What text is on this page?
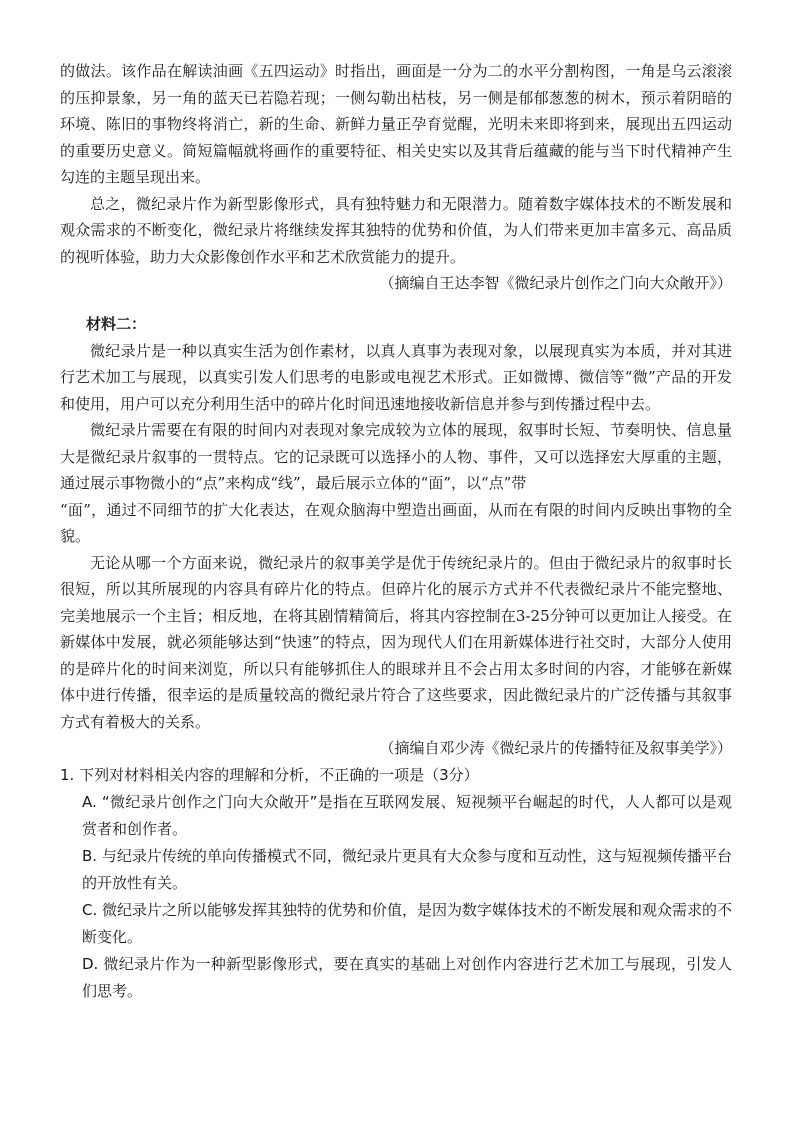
的做法。该作品在解读油画《五四运动》时指出，画面是一分为二的水平分割构图，一角是乌云滚滚的压抑景象，另一角的蓝天已若隐若现；一侧勾勒出枯枝，另一侧是郁郁葱葱的树木，预示着阴暗的环境、陈旧的事物终将消亡，新的生命、新鲜力量正孕育觉醒，光明未来即将到来，展现出五四运动的重要历史意义。简短篇幅就将画作的重要特征、相关史实以及其背后蕴藏的能与当下时代精神产生勾连的主题呈现出来。

总之，微纪录片作为新型影像形式，具有独特魅力和无限潜力。随着数字媒体技术的不断发展和观众需求的不断变化，微纪录片将继续发挥其独特的优势和价值，为人们带来更加丰富多元、高品质的视听体验，助力大众影像创作水平和艺术欣赏能力的提升。

（摘编自王达李智《微纪录片创作之门向大众敞开》）

材料二：

微纪录片是一种以真实生活为创作素材，以真人真事为表现对象，以展现真实为本质，并对其进行艺术加工与展现，以真实引发人们思考的电影或电视艺术形式。正如微博、微信等“微”产品的开发和使用，用户可以充分利用生活中的碎片化时间迅速地接收新信息并参与到传播过程中去。

微纪录片需要在有限的时间内对表现对象完成较为立体的展现，叙事时长短、节奏明快、信息量大是微纪录片叙事的一贯特点。它的记录既可以选择小的人物、事件，又可以选择宏大厚重的主题，通过展示事物微小的“点”来构成“线”，最后展示立体的“面”，以“点”带

“面”，通过不同细节的扩大化表达，在观众脑海中塑造出画面，从而在有限的时间内反映出事物的全貌。

无论从哪一个方面来说，微纪录片的叙事美学是优于传统纪录片的。但由于微纪录片的叙事时长很短，所以其所展现的内容具有碎片化的特点。但碎片化的展示方式并不代表微纪录片不能完整地、完美地展示一个主旨；相反地，在将其剧情精简后，将其内容控制在3-25分钟可以更加让人接受。在新媒体中发展，就必须能够达到“快速”的特点，因为现代人们在用新媒体进行社交时，大部分人使用的是碎片化的时间来浏览，所以只有能够抓住人的眼球并且不会占用太多时间的内容，才能够在新媒体中进行传播，很幸运的是质量较高的微纪录片符合了这些要求，因此微纪录片的广泛传播与其叙事方式有着极大的关系。

（摘编自邓少涛《微纪录片的传播特征及叙事美学》）

1. 下列对材料相关内容的理解和分析，不正确的一项是（3分）

A. “微纪录片创作之门向大众敞开”是指在互联网发展、短视频平台崛起的时代，人人都可以是观赏者和创作者。

B. 与纪录片传统的单向传播模式不同，微纪录片更具有大众参与度和互动性，这与短视频传播平台的开放性有关。

C. 微纪录片之所以能够发挥其独特的优势和价值，是因为数字媒体技术的不断发展和观众需求的不断变化。

D. 微纪录片作为一种新型影像形式，要在真实的基础上对创作内容进行艺术加工与展现，引发人们思考。
